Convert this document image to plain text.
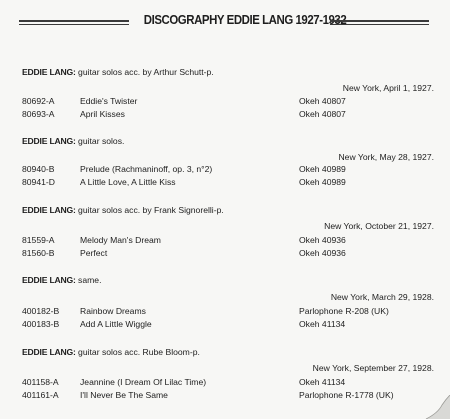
DISCOGRAPHY EDDIE LANG 1927-1932
EDDIE LANG: guitar solos acc. by Arthur Schutt-p.
New York, April 1, 1927.
80692-A	Eddie's Twister	Okeh 40807
80693-A	April Kisses	Okeh 40807
EDDIE LANG: guitar solos.
New York, May 28, 1927.
80940-B	Prelude (Rachmaninoff, op. 3, n°2)	Okeh 40989
80941-D	A Little Love, A Little Kiss	Okeh 40989
EDDIE LANG: guitar solos acc. by Frank Signorelli-p.
New York, October 21, 1927.
81559-A	Melody Man's Dream	Okeh 40936
81560-B	Perfect	Okeh 40936
EDDIE LANG: same.
New York, March 29, 1928.
400182-B Rainbow Dreams	Parlophone R-208 (UK)
400183-B Add A Little Wiggle	Okeh 41134
EDDIE LANG: guitar solos acc. Rube Bloom-p.
New York, September 27, 1928.
401158-A Jeannine (I Dream Of Lilac Time)	Okeh 41134
401161-A I'll Never Be The Same	Parlophone R-1778 (UK)
